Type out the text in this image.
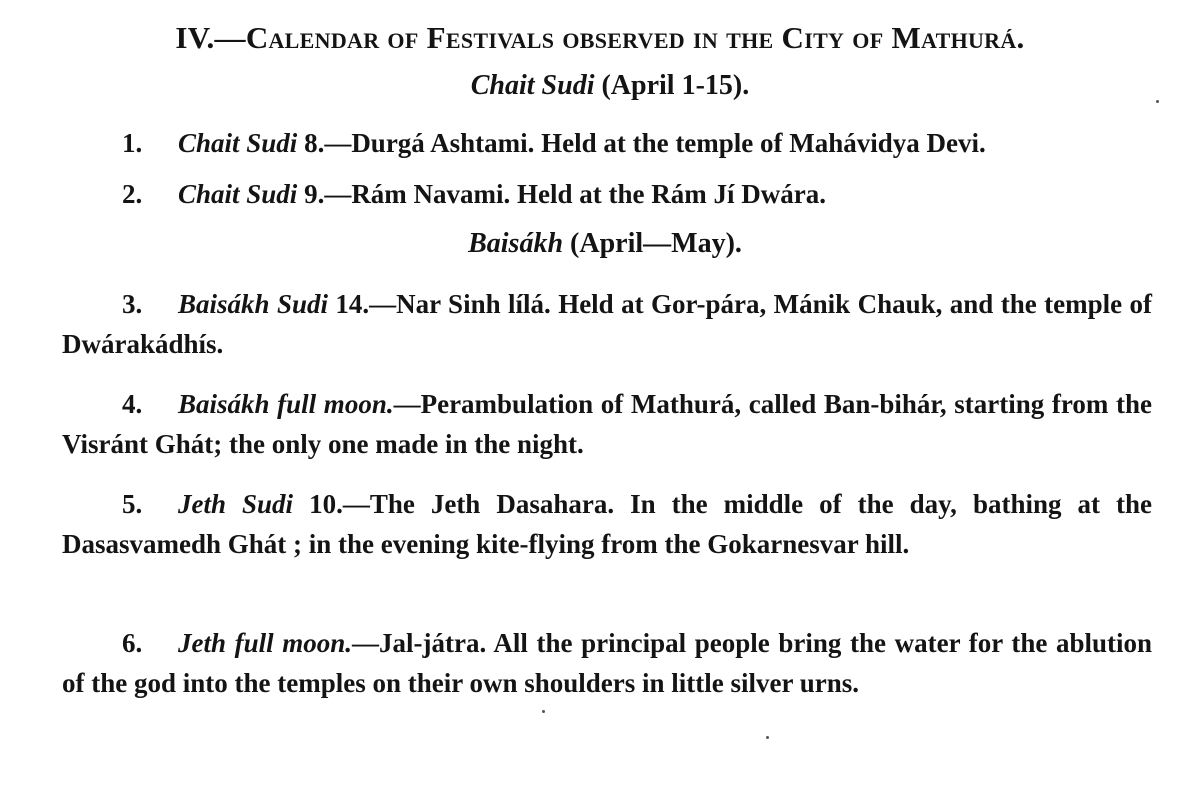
IV.—Calendar of Festivals observed in the City of Mathurá.
Chait Sudi (April 1-15).
1. Chait Sudi 8.—Durgá Ashtami. Held at the temple of Mahávidya Devi.
2. Chait Sudi 9.—Rám Navami. Held at the Rám Jí Dwára.
Baisákh (April—May).
3. Baisákh Sudi 14.—Nar Sinh lílá. Held at Gor-pára, Mánik Chauk, and the temple of Dwárakádhís.
4. Baisákh full moon.—Perambulation of Mathurá, called Ban-bihár, starting from the Visránt Ghát; the only one made in the night.
5. Jeth Sudi 10.—The Jeth Dasahara. In the middle of the day, bathing at the Dasasvamedh Ghát ; in the evening kite-flying from the Gokarnesvar hill.
6. Jeth full moon.—Jal-játra. All the principal people bring the water for the ablution of the god into the temples on their own shoulders in little silver urns.
